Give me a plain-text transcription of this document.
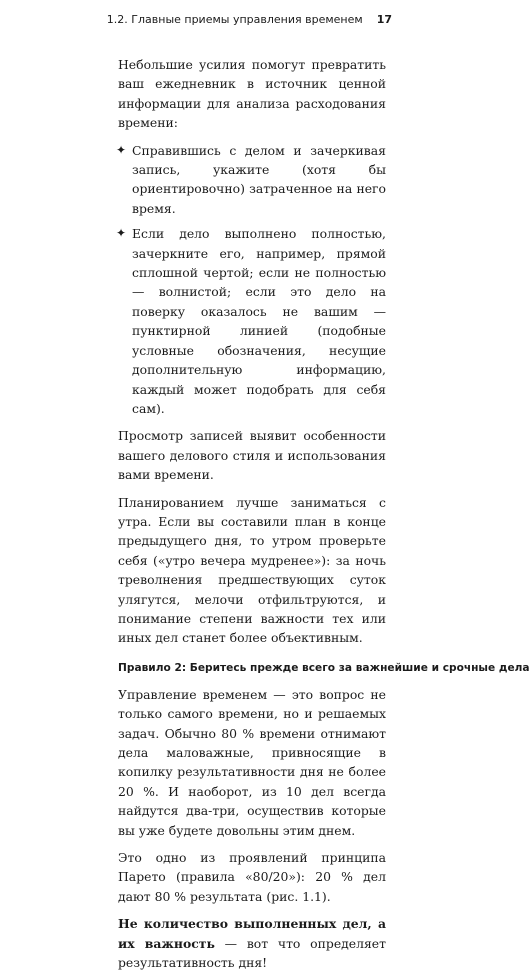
1.2. Главные приемы управления временем 17

Небольшие усилия помогут превратить ваш ежедневник в источник ценной информации для анализа расходования времени:

✦ Справившись с делом и зачеркивая запись, укажите (хотя бы ориентировочно) затраченное на него время.
✦ Если дело выполнено полностью, зачеркните его, например, прямой сплошной чертой; если не полностью — волнистой; если это дело на поверку оказалось не вашим — пунктирной линией (подобные условные обозначения, несущие дополнительную информацию, каждый может подобрать для себя сам).

Просмотр записей выявит особенности вашего делового стиля и использования вами времени.

Планированием лучше заниматься с утра. Если вы составили план в конце предыдущего дня, то утром проверьте себя («утро вечера мудренее»): за ночь треволнения предшествующих суток улягутся, мелочи отфильтруются, и понимание степени важности тех или иных дел станет более объективным.

Правило 2: Беритесь прежде всего за важнейшие и срочные дела

Управление временем — это вопрос не только самого времени, но и решаемых задач. Обычно 80 % времени отнимают дела маловажные, привносящие в копилку результативности дня не более 20 %. И наоборот, из 10 дел всегда найдутся два-три, осуществив которые вы уже будете довольны этим днем.

Это одно из проявлений принципа Парето (правила «80/20»): 20 % дел дают 80 % результата (рис. 1.1).

Не количество выполненных дел, а их важность — вот что определяет результативность дня!
